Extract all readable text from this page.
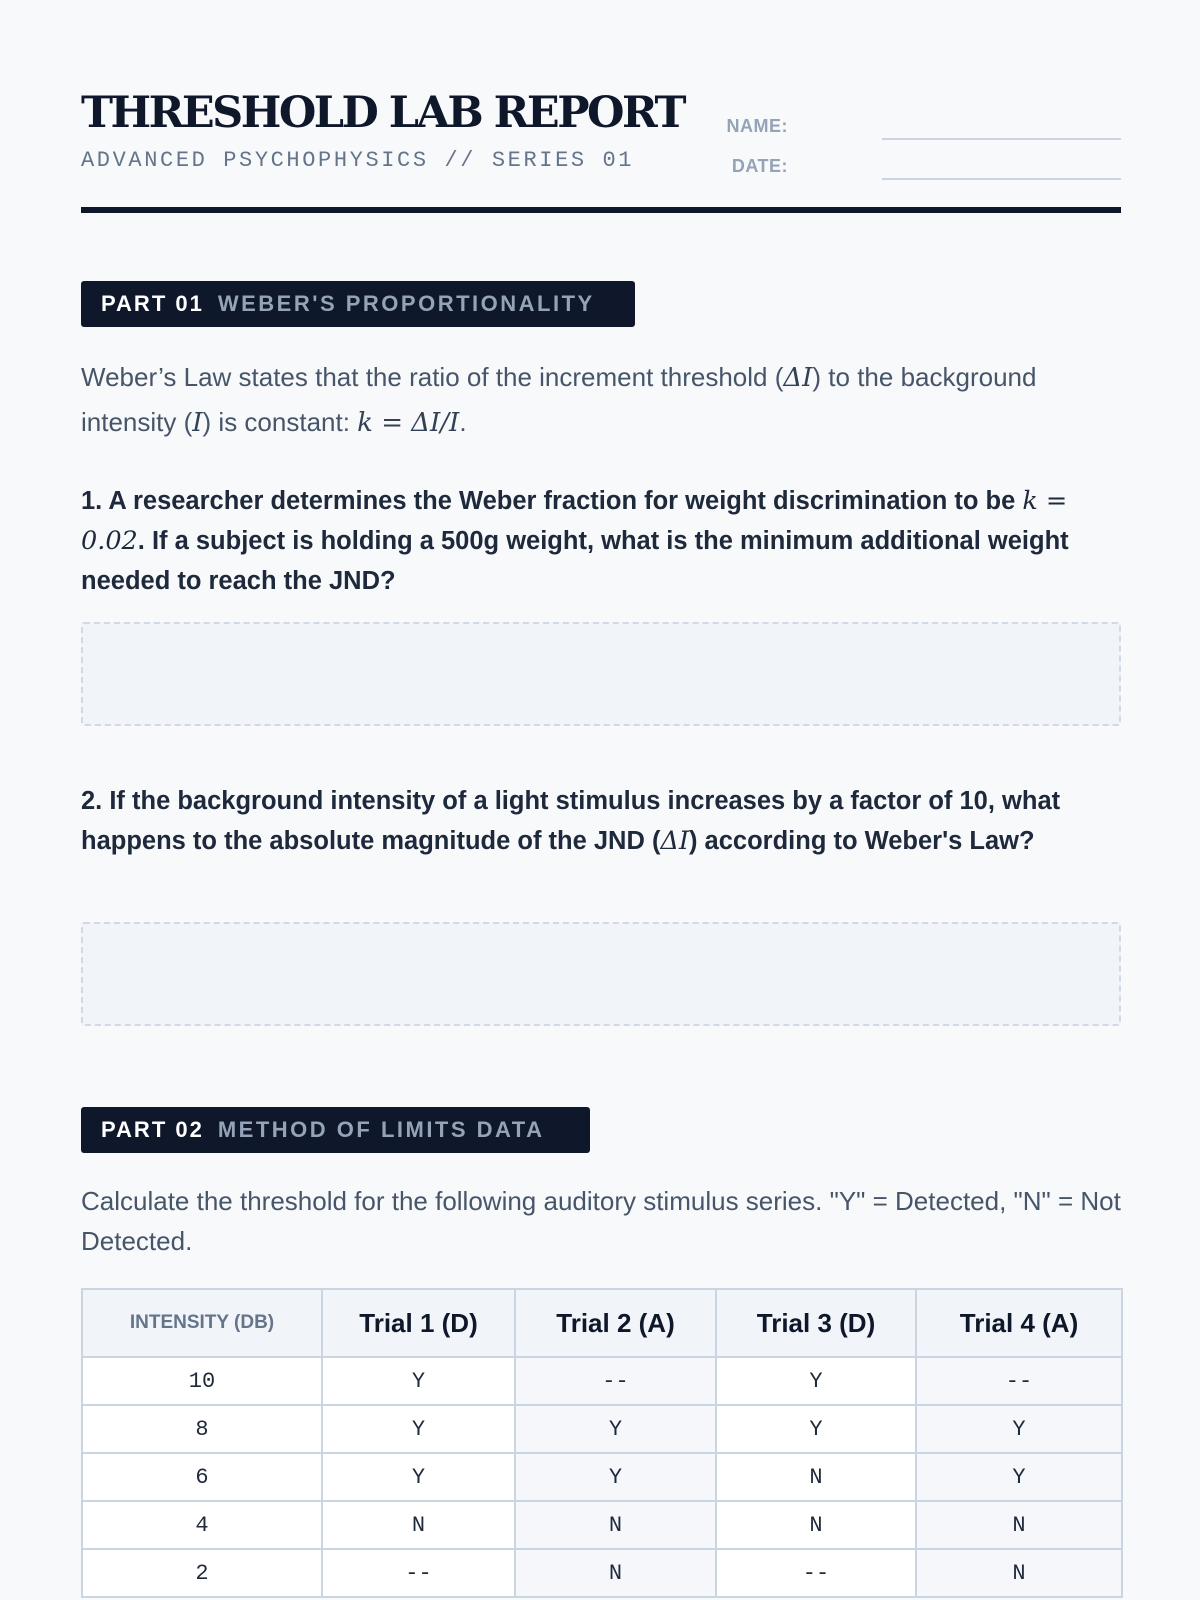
THRESHOLD LAB REPORT
ADVANCED PSYCHOPHYSICS // SERIES 01
NAME:
DATE:
PART 01 WEBER'S PROPORTIONALITY

Weber’s Law states that the ratio of the increment threshold (ΔI) to the background intensity (I) is constant: k = ΔI/I.

1. A researcher determines the Weber fraction for weight discrimination to be k = 0.02. If a subject is holding a 500g weight, what is the minimum additional weight needed to reach the JND?

2. If the background intensity of a light stimulus increases by a factor of 10, what happens to the absolute magnitude of the JND (ΔI) according to Weber's Law?

PART 02 METHOD OF LIMITS DATA

Calculate the threshold for the following auditory stimulus series. "Y" = Detected, "N" = Not Detected.

INTENSITY (DB)	Trial 1 (D)	Trial 2 (A)	Trial 3 (D)	Trial 4 (A)
10	Y	--	Y	--
8	Y	Y	Y	Y
6	Y	Y	N	Y
4	N	N	N	N
2	--	N	--	N
